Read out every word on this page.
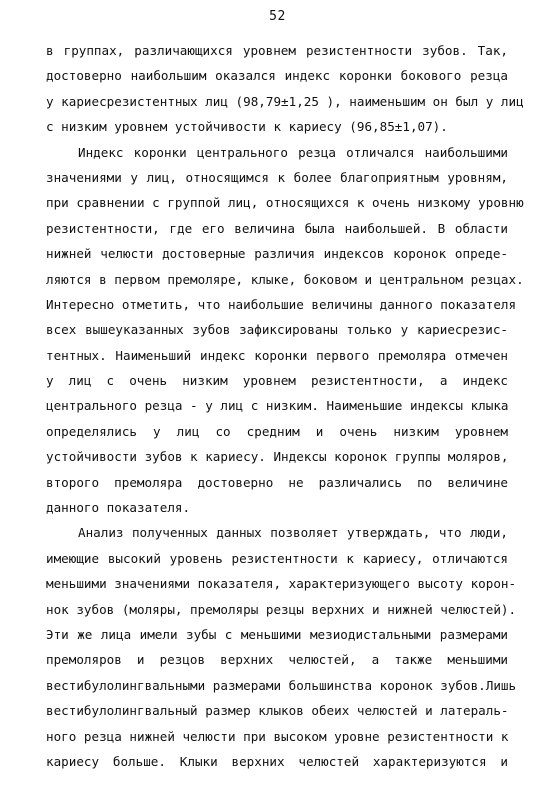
52
в группах, различающихся уровнем резистентности зубов. Так,
достоверно наибольшим оказался индекс коронки бокового резца
у кариесрезистентных лиц (98,79±1,25 ), наименьшим он был у лиц
с низким уровнем устойчивости к кариесу (96,85±1,07).
Индекс коронки центрального резца отличался наибольшими
значениями у лиц, относящимся к более благоприятным уровням,
при сравнении с группой лиц, относящихся к очень низкому уровню
резистентности, где его величина была наибольшей. В области
нижней челюсти достоверные различия индексов коронок опреде-
ляются в первом премоляре, клыке, боковом и центральном резцах.
Интересно отметить, что наибольшие величины данного показателя
всех вышеуказанных зубов зафиксированы только у кариесрезис-
тентных. Наименьший индекс коронки первого премоляра отмечен
у лиц с очень низким уровнем резистентности, а индекс
центрального резца - у лиц с низким. Наименьшие индексы клыка
определялись у лиц со средним и очень низким уровнем
устойчивости зубов к кариесу. Индексы коронок группы моляров,
второго премоляра достоверно не различались по величине
данного показателя.
Анализ полученных данных позволяет утверждать, что люди,
имеющие высокий уровень резистентности к кариесу, отличаются
меньшими значениями показателя, характеризующего высоту корон-
нок зубов (моляры, премоляры резцы верхних и нижней челюстей).
Эти же лица имели зубы с меньшими мезиодистальными размерами
премоляров и резцов верхних челюстей, а также меньшими
вестибулолингвальными размерами большинства коронок зубов.Лишь
вестибулолингвальный размер клыков обеих челюстей и латераль-
ного резца нижней челюсти при высоком уровне резистентности к
кариесу больше. Клыки верхних челюстей характеризуются и
